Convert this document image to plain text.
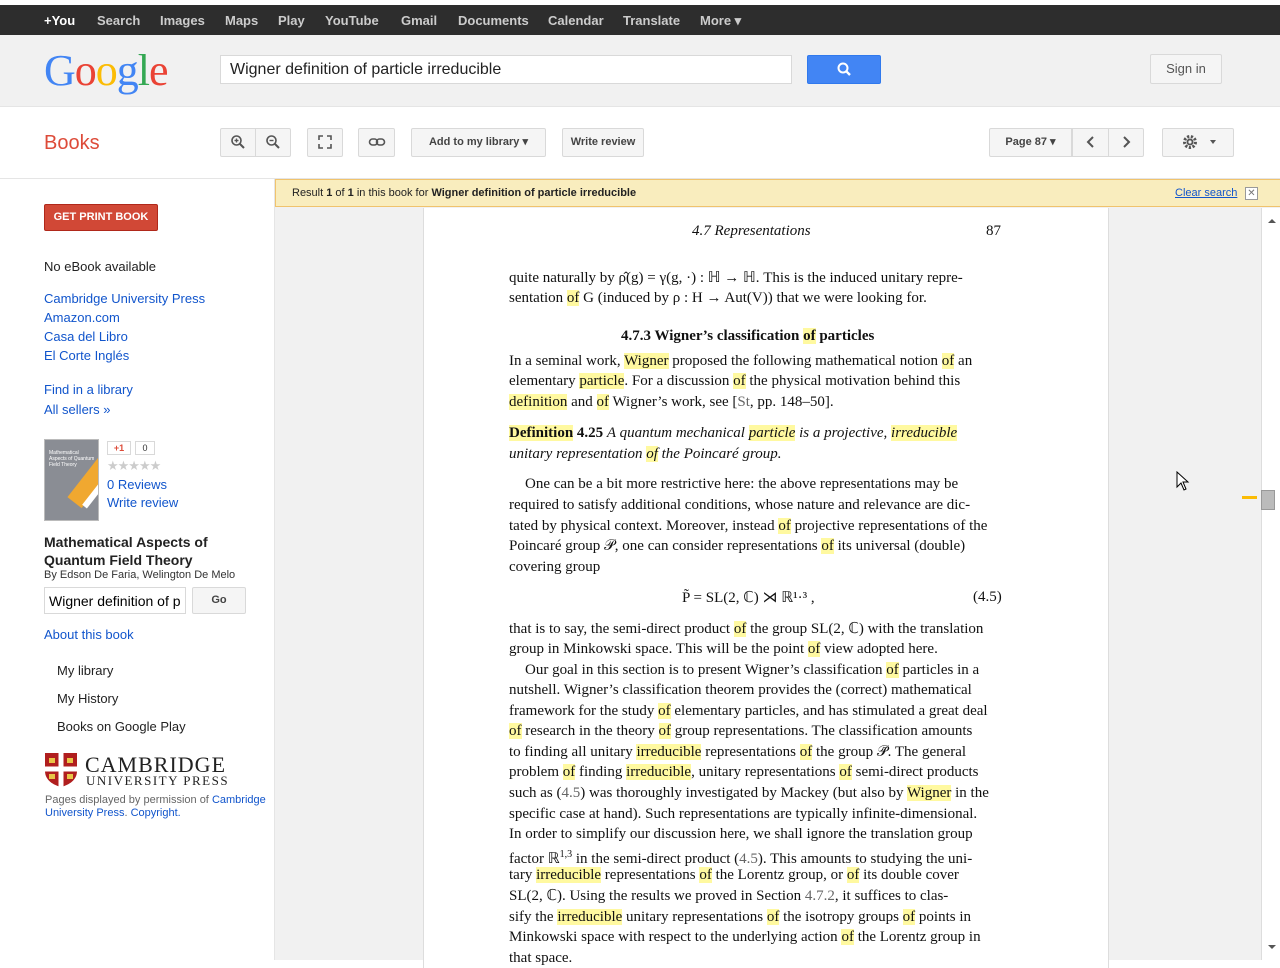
+You Search Images Maps Play YouTube Gmail Documents Calendar Translate More ▾
Google
Wigner definition of particle irreducible	Sign in
Books	Add to my library ▾	Write review	Page 87 ▾
GET PRINT BOOK
No eBook available
Cambridge University Press
Amazon.com
Casa del Libro
El Corte Inglés
Find in a library
All sellers »
Mathematical Aspects of Quantum Field Theory
+1	0
★★★★★
0 Reviews
Write review
Mathematical Aspects of Quantum Field Theory
By Edson De Faria, Welington De Melo
Wigner definition of p
Go
About this book
My library
My History
Books on Google Play
CAMBRIDGE
UNIVERSITY PRESS
Pages displayed by permission of Cambridge University Press. Copyright.
Result 1 of 1 in this book for Wigner definition of particle irreducible	Clear search ✕
4.7 Representations	87
quite naturally by ρ̂(g) = γ(g, ·) : ℍ → ℍ. This is the induced unitary repre-
sentation of G (induced by ρ : H → Aut(V)) that we were looking for.
4.7.3 Wigner’s classification of particles
In a seminal work, Wigner proposed the following mathematical notion of an
elementary particle. For a discussion of the physical motivation behind this
definition and of Wigner’s work, see [St, pp. 148–50].
Definition 4.25 A quantum mechanical particle is a projective, irreducible
unitary representation of the Poincaré group.
One can be a bit more restrictive here: the above representations may be
required to satisfy additional conditions, whose nature and relevance are dic-
tated by physical context. Moreover, instead of projective representations of the
Poincaré group 𝒫, one can consider representations of its universal (double)
covering group
P̃ = SL(2, ℂ) ⋊ ℝ¹·³ ,	(4.5)
that is to say, the semi-direct product of the group SL(2, ℂ) with the translation
group in Minkowski space. This will be the point of view adopted here.
Our goal in this section is to present Wigner’s classification of particles in a
nutshell. Wigner’s classification theorem provides the (correct) mathematical
framework for the study of elementary particles, and has stimulated a great deal
of research in the theory of group representations. The classification amounts
to finding all unitary irreducible representations of the group 𝒫̃. The general
problem of finding irreducible, unitary representations of semi-direct products
such as (4.5) was thoroughly investigated by Mackey (but also by Wigner in the
specific case at hand). Such representations are typically infinite-dimensional.
In order to simplify our discussion here, we shall ignore the translation group
factor ℝ$^{1,3}$ in the semi-direct product (4.5). This amounts to studying the uni-
tary irreducible representations of the Lorentz group, or of its double cover
SL(2, ℂ). Using the results we proved in Section 4.7.2, it suffices to clas-
sify the irreducible unitary representations of the isotropy groups of points in
Minkowski space with respect to the underlying action of the Lorentz group in
that space.
